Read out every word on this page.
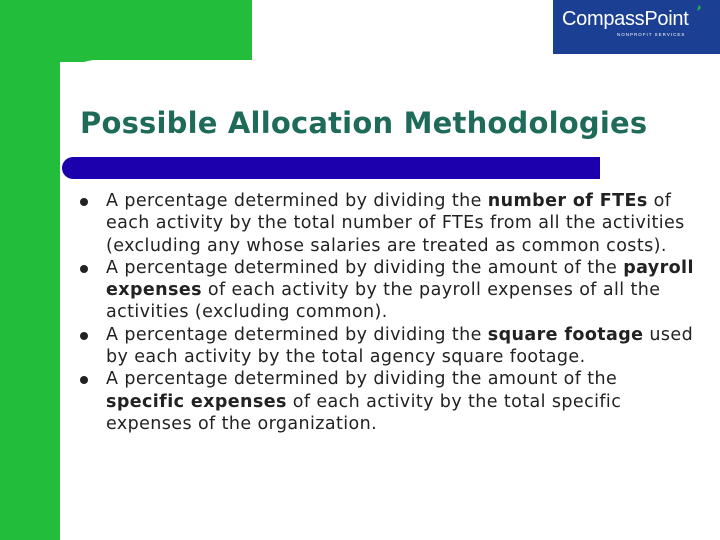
CompassPoint
NONPROFIT SERVICES
Possible Allocation Methodologies
A percentage determined by dividing the number of FTEs of each activity by the total number of FTEs from all the activities (excluding any whose salaries are treated as common costs).
A percentage determined by dividing the amount of the payroll expenses of each activity by the payroll expenses of all the activities (excluding common).
A percentage determined by dividing the square footage used by each activity by the total agency square footage.
A percentage determined by dividing the amount of the specific expenses of each activity by the total specific expenses of the organization.
